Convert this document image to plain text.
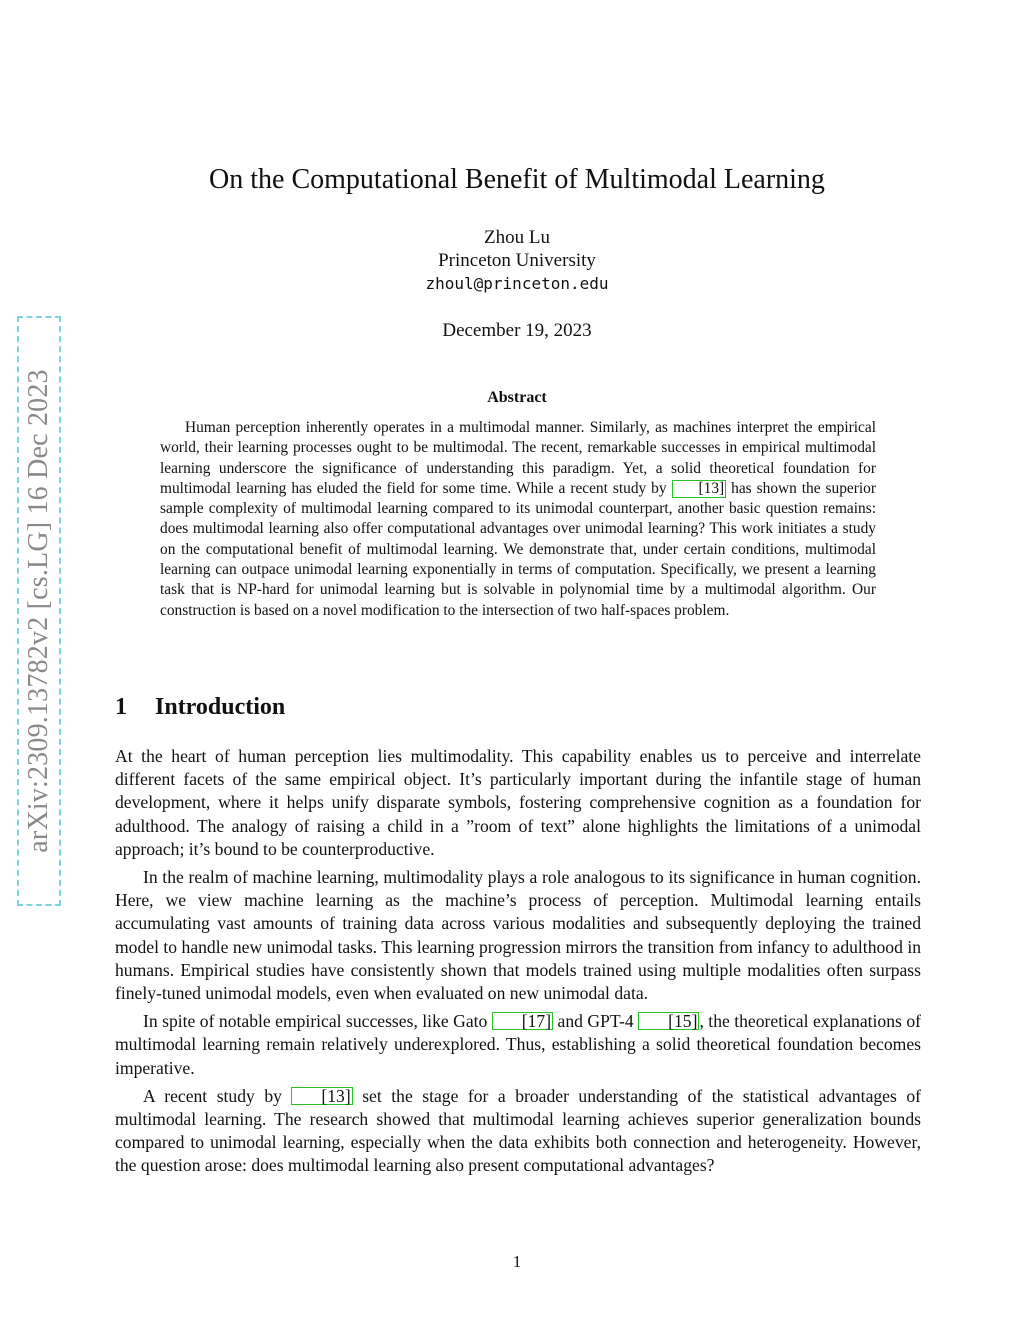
arXiv:2309.13782v2 [cs.LG] 16 Dec 2023
On the Computational Benefit of Multimodal Learning
Zhou Lu
Princeton University
zhoul@princeton.edu
December 19, 2023
Abstract

Human perception inherently operates in a multimodal manner. Similarly, as machines interpret the empirical world, their learning processes ought to be multimodal. The recent, remarkable successes in empirical multimodal learning underscore the significance of understanding this paradigm. Yet, a solid theoretical foundation for multimodal learning has eluded the field for some time. While a recent study by [13] has shown the superior sample complexity of multimodal learning compared to its unimodal counterpart, another basic question remains: does multimodal learning also offer computational advantages over unimodal learning? This work initiates a study on the computational benefit of multimodal learning. We demonstrate that, under certain conditions, multimodal learning can outpace unimodal learning exponentially in terms of computation. Specifically, we present a learning task that is NP-hard for unimodal learning but is solvable in polynomial time by a multimodal algorithm. Our construction is based on a novel modification to the intersection of two half-spaces problem.

1 Introduction

At the heart of human perception lies multimodality. This capability enables us to perceive and interrelate different facets of the same empirical object. It’s particularly important during the infantile stage of human development, where it helps unify disparate symbols, fostering comprehensive cognition as a foundation for adulthood. The analogy of raising a child in a ”room of text” alone highlights the limitations of a unimodal approach; it’s bound to be counterproductive.

In the realm of machine learning, multimodality plays a role analogous to its significance in human cognition. Here, we view machine learning as the machine’s process of perception. Multimodal learning entails accumulating vast amounts of training data across various modalities and subsequently deploying the trained model to handle new unimodal tasks. This learning progression mirrors the transition from infancy to adulthood in humans. Empirical studies have consistently shown that models trained using multiple modalities often surpass finely-tuned unimodal models, even when evaluated on new unimodal data.

In spite of notable empirical successes, like Gato [17] and GPT-4 [15] , the theoretical explanations of multimodal learning remain relatively underexplored. Thus, establishing a solid theoretical foundation becomes imperative.

A recent study by [13] set the stage for a broader understanding of the statistical advantages of multimodal learning. The research showed that multimodal learning achieves superior generalization bounds compared to unimodal learning, especially when the data exhibits both connection and heterogeneity. However, the question arose: does multimodal learning also present computational advantages?

1
